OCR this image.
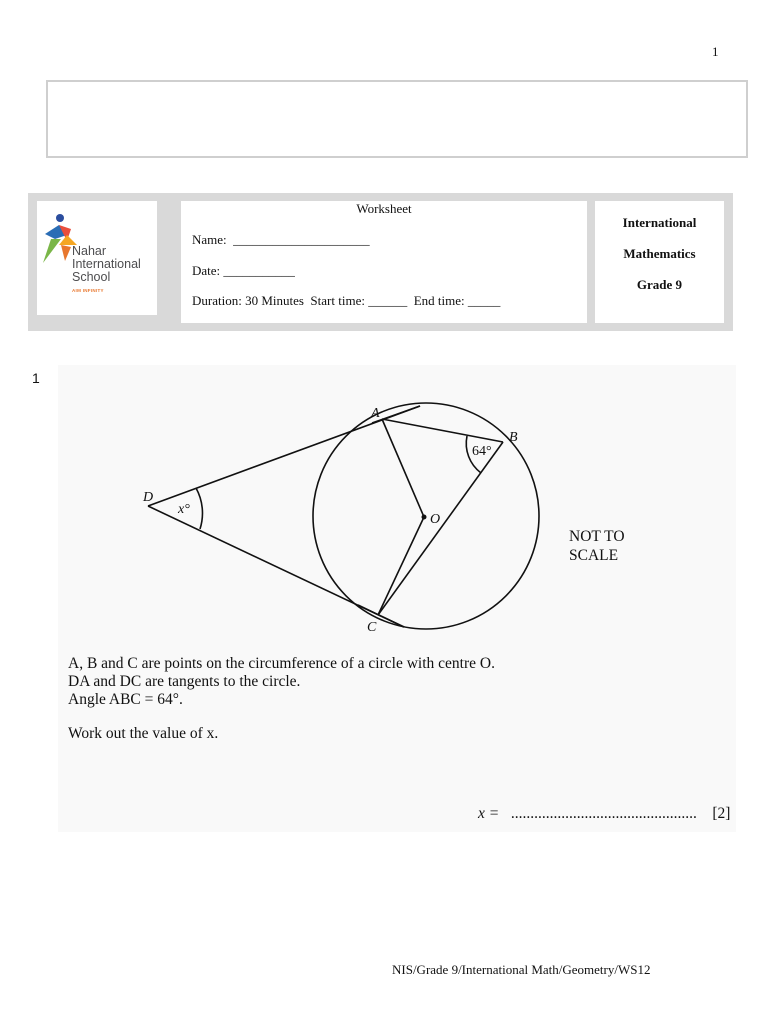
1
Nahar
International
School
AIM INFINITY
Worksheet
Name:  _____________________
Date: ___________
Duration: 30 Minutes  Start time: ______  End time: _____
International
Mathematics
Grade 9
1
A
B
C
D
O
64°
x°
NOT TO
SCALE
A, B and C are points on the circumference of a circle with centre O.
DA and DC are tangents to the circle.
Angle ABC = 64°.
Work out the value of x.
x = ................................................ [2]
NIS/Grade 9/International Math/Geometry/WS12
